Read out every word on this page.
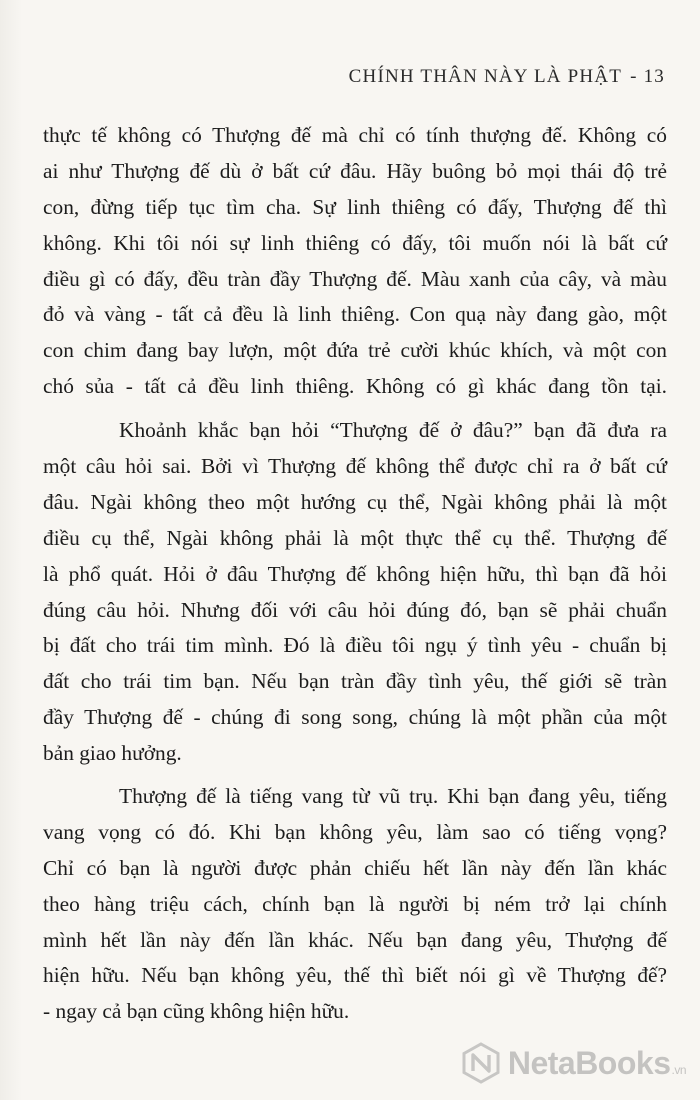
CHÍNH THÂN NÀY LÀ PHẬT - 13
thực tế không có Thượng đế mà chỉ có tính thượng đế. Không có
ai như Thượng đế dù ở bất cứ đâu. Hãy buông bỏ mọi thái độ trẻ
con, đừng tiếp tục tìm cha. Sự linh thiêng có đấy, Thượng đế thì
không. Khi tôi nói sự linh thiêng có đấy, tôi muốn nói là bất cứ
điều gì có đấy, đều tràn đầy Thượng đế. Màu xanh của cây, và màu
đỏ và vàng - tất cả đều là linh thiêng. Con quạ này đang gào, một
con chim đang bay lượn, một đứa trẻ cười khúc khích, và một con
chó sủa - tất cả đều linh thiêng. Không có gì khác đang tồn tại.
Khoảnh khắc bạn hỏi “Thượng đế ở đâu?” bạn đã đưa ra
một câu hỏi sai. Bởi vì Thượng đế không thể được chỉ ra ở bất cứ
đâu. Ngài không theo một hướng cụ thể, Ngài không phải là một
điều cụ thể, Ngài không phải là một thực thể cụ thể. Thượng đế
là phổ quát. Hỏi ở đâu Thượng đế không hiện hữu, thì bạn đã hỏi
đúng câu hỏi. Nhưng đối với câu hỏi đúng đó, bạn sẽ phải chuẩn
bị đất cho trái tim mình. Đó là điều tôi ngụ ý tình yêu - chuẩn bị
đất cho trái tim bạn. Nếu bạn tràn đầy tình yêu, thế giới sẽ tràn
đầy Thượng đế - chúng đi song song, chúng là một phần của một
bản giao hưởng.
Thượng đế là tiếng vang từ vũ trụ. Khi bạn đang yêu, tiếng
vang vọng có đó. Khi bạn không yêu, làm sao có tiếng vọng?
Chỉ có bạn là người được phản chiếu hết lần này đến lần khác
theo hàng triệu cách, chính bạn là người bị ném trở lại chính
mình hết lần này đến lần khác. Nếu bạn đang yêu, Thượng đế
hiện hữu. Nếu bạn không yêu, thế thì biết nói gì về Thượng đế?
- ngay cả bạn cũng không hiện hữu.
NetaBooks.vn
